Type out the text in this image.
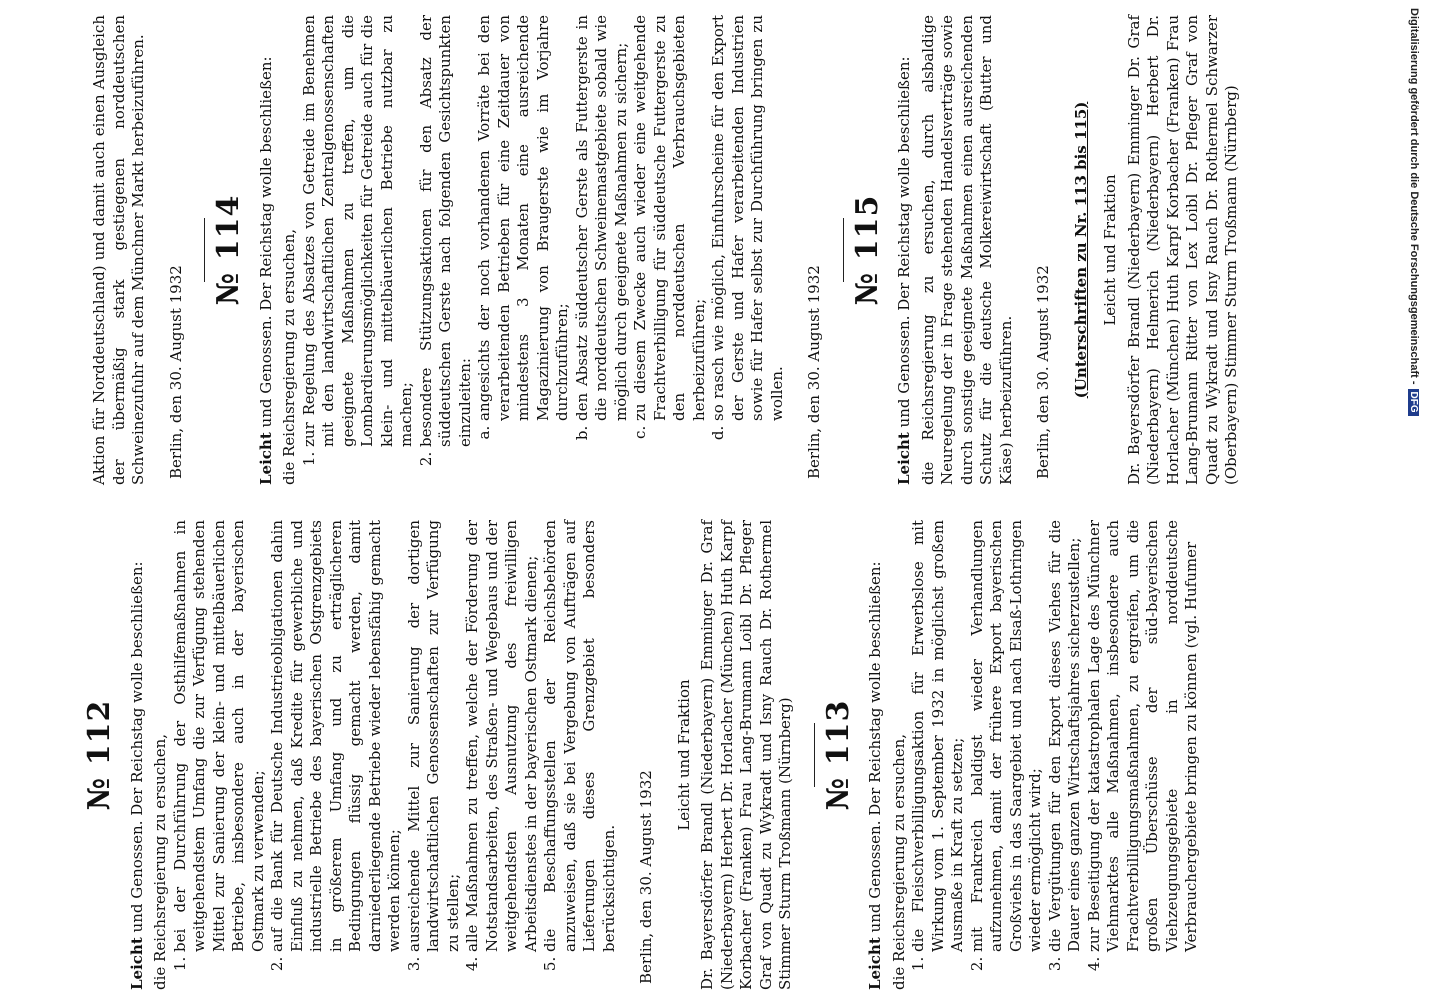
№ 112

Leicht und Genossen. Der Reichstag wolle beschließen: die Reichsregierung zu ersuchen, 1. bei der Durchführung der Osthilfemaßnahmen in weitgehendstem Umfang die zur Verfügung stehenden Mittel zur Sanierung der klein- und mittelbäuerlichen Betriebe, insbesondere auch in der bayerischen Ostmark zu verwenden; 2. auf die Bank für Deutsche Industrieobligationen dahin Einfluß zu nehmen, daß Kredite für gewerbliche und industrielle Betriebe des bayerischen Ostgrenzgebiets in größerem Umfang und zu erträglicheren Bedingungen flüssig gemacht werden, damit darniederliegende Betriebe wieder lebensfähig gemacht werden können; 3. ausreichende Mittel zur Sanierung der dortigen landwirtschaftlichen Genossenschaften zur Verfügung zu stellen; 4. alle Maßnahmen zu treffen, welche der Förderung der Notstandsarbeiten, des Straßen- und Wegebaus und der weitgehendsten Ausnutzung des freiwilligen Arbeitsdienstes in der bayerischen Ostmark dienen; 5. die Beschaffungsstellen der Reichsbehörden anzuweisen, daß sie bei Vergebung von Aufträgen auf Lieferungen dieses Grenzgebiet besonders berücksichtigen. Berlin, den 30. August 1932

Leicht und Fraktion Dr. Bayersdörfer Brandl (Niederbayern) Emminger Dr. Graf (Niederbayern) Herbert Dr. Horlacher (München) Huth Karpf Korbacher (Franken) Frau Lang-Brumann Loibl Dr. Pfleger Graf von Quadt zu Wykradt und Isny Rauch Dr. Rothermel Stimmer Sturm Troßmann (Nürnberg) № 113

Leicht und Genossen. Der Reichstag wolle beschließen: die Reichsregierung zu ersuchen, 1. die Fleischverbilligungsaktion für Erwerbslose mit Wirkung vom 1. September 1932 in möglichst großem Ausmaße in Kraft zu setzen; 2. mit Frankreich baldigst wieder Verhandlungen aufzunehmen, damit der frühere Export bayerischen Großviehs in das Saargebiet und nach Elsaß-Lothringen wieder ermöglicht wird; 3. die Vergütungen für den Export dieses Viehes für die Dauer eines ganzen Wirtschaftsjahres sicherzustellen; 4. zur Beseitigung der katastrophalen Lage des Münchner Viehmarktes alle Maßnahmen, insbesondere auch Frachtverbilligungsmaßnahmen, zu ergreifen, um die großen Überschüsse der süd-bayerischen Viehzeugungsgebiete in norddeutsche Verbrauchergebiete bringen zu können (vgl. Hufumer

Aktion für Norddeutschland) und damit auch einen Ausgleich der übermäßig stark gestiegenen norddeutschen Schweinezufuhr auf dem Münchner Markt herbeizuführen. Berlin, den 30. August 1932

№ 114

Leicht und Genossen. Der Reichstag wolle beschließen: die Reichsregierung zu ersuchen, 1. zur Regelung des Absatzes von Getreide im Benehmen mit den landwirtschaftlichen Zentralgenossenschaften geeignete Maßnahmen zu treffen, um die Lombardierungsmöglichkeiten für Getreide auch für die klein- und mittelbäuerlichen Betriebe nutzbar zu machen; 2. besondere Stützungsaktionen für den Absatz der süddeutschen Gerste nach folgenden Gesichtspunkten einzuleiten: a. angesichts der noch vorhandenen Vorräte bei den verarbeitenden Betrieben für eine Zeitdauer von mindestens 3 Monaten eine ausreichende Magazinierung von Braugerste wie im Vorjahre durchzuführen; b. den Absatz süddeutscher Gerste als Futtergerste in die norddeutschen Schweinemastgebiete sobald wie möglich durch geeignete Maßnahmen zu sichern; c. zu diesem Zwecke auch wieder eine weitgehende Frachtverbilligung für süddeutsche Futtergerste zu den norddeutschen Verbrauchsgebieten herbeizuführen; d. so rasch wie möglich, Einfuhrscheine für den Export der Gerste und Hafer verarbeitenden Industrien sowie für Hafer selbst zur Durchführung bringen zu wollen. Berlin, den 30. August 1932

№ 115

Leicht und Genossen. Der Reichstag wolle beschließen: die Reichsregierung zu ersuchen, durch alsbaldige Neuregelung der in Frage stehenden Handelsverträge sowie durch sonstige geeignete Maßnahmen einen ausreichenden Schutz für die deutsche Molkereiwirtschaft (Butter und Käse) herbeizuführen. Berlin, den 30. August 1932 (Unterschriften zu Nr. 113 bis 115) Leicht und Fraktion Dr. Bayersdörfer Brandl (Niederbayern) Emminger Dr. Graf (Niederbayern) Helmerich (Niederbayern) Herbert Dr. Horlacher (München) Huth Karpf Korbacher (Franken) Frau Lang-Brumann Ritter von Lex Loibl Dr. Pfleger Graf von Quadt zu Wykradt und Isny Rauch Dr. Rothermel Schwarzer (Oberbayern) Stimmer Sturm Troßmann (Nürnberg)	Digitalisierung gefördert durch die Deutsche Forschungsgemeinschaft -DFG
